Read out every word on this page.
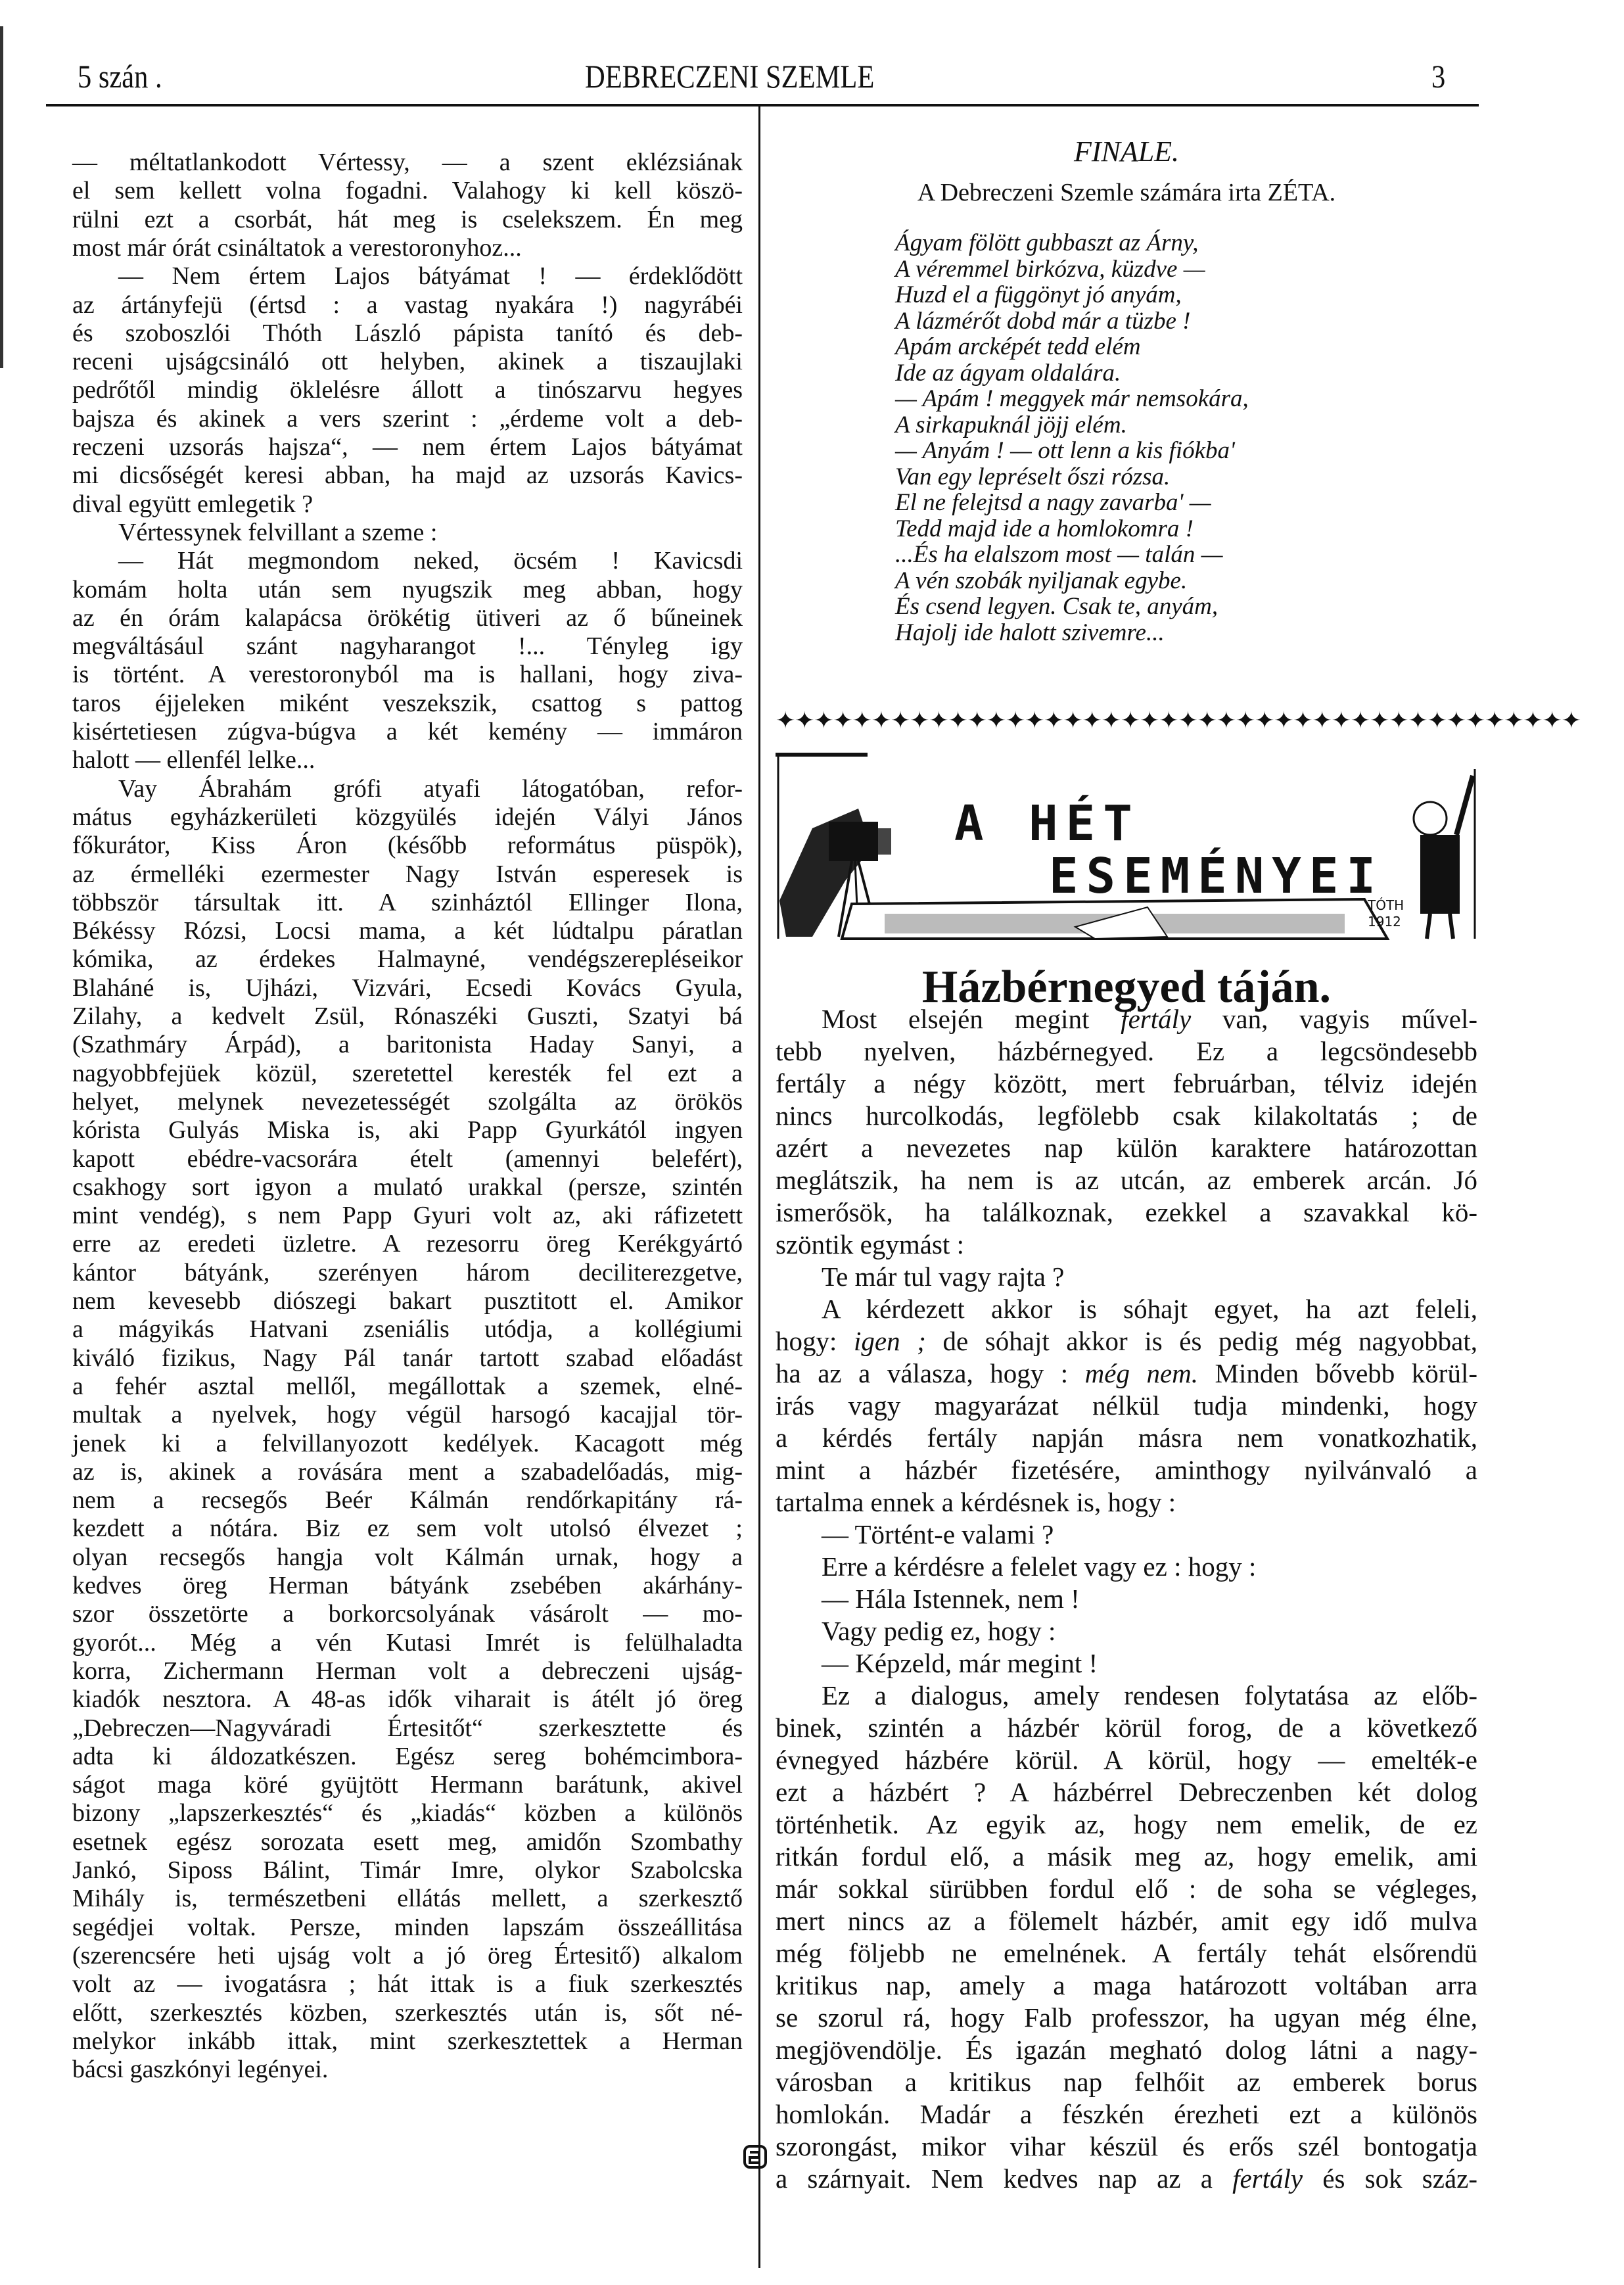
5 szán .	DEBRECZENI SZEMLE	3
— méltatlankodott Vértessy, — a szent eklézsiának
el sem kellett volna fogadni. Valahogy ki kell köszö-
rülni ezt a csorbát, hát meg is cselekszem. Én meg
most már órát csináltatok a verestoronyhoz...
— Nem értem Lajos bátyámat ! — érdeklődött
az ártányfejü (értsd : a vastag nyakára !) nagyrábéi
és szoboszlói Thóth László pápista tanító és deb-
receni ujságcsináló ott helyben, akinek a tiszaujlaki
pedrőtől mindig öklelésre állott a tinószarvu hegyes
bajsza és akinek a vers szerint : „érdeme volt a deb-
reczeni uzsorás hajsza“, — nem értem Lajos bátyámat
mi dicsőségét keresi abban, ha majd az uzsorás Kavics-
dival együtt emlegetik ?
Vértessynek felvillant a szeme :
— Hát megmondom neked, öcsém ! Kavicsdi
komám holta után sem nyugszik meg abban, hogy
az én órám kalapácsa örökétig ütiveri az ő bűneinek
megváltásául szánt nagyharangot !... Tényleg igy
is történt. A verestoronyból ma is hallani, hogy ziva-
taros éjjeleken miként veszekszik, csattog s pattog
kisértetiesen zúgva-búgva a két kemény — immáron
halott — ellenfél lelke...
Vay Ábrahám grófi atyafi látogatóban, refor-
mátus egyházkerületi közgyülés idején Vályi János
főkurátor, Kiss Áron (később református püspök),
az érmelléki ezermester Nagy István esperesek is
többször társultak itt. A szinháztól Ellinger Ilona,
Békéssy Rózsi, Locsi mama, a két lúdtalpu páratlan
kómika, az érdekes Halmayné, vendégszerepléseikor
Blaháné is, Ujházi, Vizvári, Ecsedi Kovács Gyula,
Zilahy, a kedvelt Zsül, Rónaszéki Guszti, Szatyi bá
(Szathmáry Árpád), a baritonista Haday Sanyi, a
nagyobbfejüek közül, szeretettel keresték fel ezt a
helyet, melynek nevezetességét szolgálta az örökös
kórista Gulyás Miska is, aki Papp Gyurkától ingyen
kapott ebédre-vacsorára ételt (amennyi belefért),
csakhogy sort igyon a mulató urakkal (persze, szintén
mint vendég), s nem Papp Gyuri volt az, aki ráfizetett
erre az eredeti üzletre. A rezesorru öreg Kerékgyártó
kántor bátyánk, szerényen három deciliterezgetve,
nem kevesebb diószegi bakart pusztitott el. Amikor
a mágyikás Hatvani zseniális utódja, a kollégiumi
kiváló fizikus, Nagy Pál tanár tartott szabad előadást
a fehér asztal mellől, megállottak a szemek, elné-
multak a nyelvek, hogy végül harsogó kacajjal tör-
jenek ki a felvillanyozott kedélyek. Kacagott még
az is, akinek a rovására ment a szabadelőadás, mig-
nem a recsegős Beér Kálmán rendőrkapitány rá-
kezdett a nótára. Biz ez sem volt utolsó élvezet ;
olyan recsegős hangja volt Kálmán urnak, hogy a
kedves öreg Herman bátyánk zsebében akárhány-
szor összetörte a borkorcsolyának vásárolt — mo-
gyorót... Még a vén Kutasi Imrét is felülhaladta
korra, Zichermann Herman volt a debreczeni ujság-
kiadók nesztora. A 48-as idők viharait is átélt jó öreg
„Debreczen—Nagyváradi Értesitőt“ szerkesztette és
adta ki áldozatkészen. Egész sereg bohémcimbora-
ságot maga köré gyüjtött Hermann barátunk, akivel
bizony „lapszerkesztés“ és „kiadás“ közben a különös
esetnek egész sorozata esett meg, amidőn Szombathy
Jankó, Siposs Bálint, Timár Imre, olykor Szabolcska
Mihály is, természetbeni ellátás mellett, a szerkesztő
segédjei voltak. Persze, minden lapszám összeállitása
(szerencsére heti ujság volt a jó öreg Értesitő) alkalom
volt az — ivogatásra ; hát ittak is a fiuk szerkesztés
előtt, szerkesztés közben, szerkesztés után is, sőt né-
melykor inkább ittak, mint szerkesztettek a Herman
bácsi gaszkónyi legényei.
FINALE.
A Debreczeni Szemle számára irta ZÉTA.
Ágyam fölött gubbaszt az Árny,
A véremmel birkózva, küzdve —
Huzd el a függönyt jó anyám,
A lázmérőt dobd már a tüzbe !
Apám arcképét tedd elém
Ide az ágyam oldalára.
— Apám ! meggyek már nemsokára,
A sirkapuknál jöjj elém.
— Anyám ! — ott lenn a kis fiókba'
Van egy lepréselt őszi rózsa.
El ne felejtsd a nagy zavarba' —
Tedd majd ide a homlokomra !
...És ha elalszom most — talán —
A vén szobák nyiljanak egybe.
És csend legyen. Csak te, anyám,
Hajolj ide halott szivemre...
✦✦✦✦✦✦✦✦✦✦✦✦✦✦✦✦✦✦✦✦✦✦✦✦✦✦✦✦✦✦✦✦✦✦✦✦✦✦✦✦✦✦
A HÉT
ESEMÉNYEI
TÓTH
1912
Házbérnegyed táján.
Most elsején megint fertály van, vagyis művel-
tebb nyelven, házbérnegyed. Ez a legcsöndesebb
fertály a négy között, mert februárban, télviz idején
nincs hurcolkodás, legfölebb csak kilakoltatás ; de
azért a nevezetes nap külön karaktere határozottan
meglátszik, ha nem is az utcán, az emberek arcán. Jó
ismerősök, ha találkoznak, ezekkel a szavakkal kö-
szöntik egymást :
Te már tul vagy rajta ?
A kérdezett akkor is sóhajt egyet, ha azt feleli,
hogy: igen ; de sóhajt akkor is és pedig még nagyobbat,
ha az a válasza, hogy : még nem. Minden bővebb körül-
irás vagy magyarázat nélkül tudja mindenki, hogy
a kérdés fertály napján másra nem vonatkozhatik,
mint a házbér fizetésére, aminthogy nyilvánvaló a
tartalma ennek a kérdésnek is, hogy :
— Történt-e valami ?
Erre a kérdésre a felelet vagy ez : hogy :
— Hála Istennek, nem !
Vagy pedig ez, hogy :
— Képzeld, már megint !
Ez a dialogus, amely rendesen folytatása az előb-
binek, szintén a házbér körül forog, de a következő
évnegyed házbére körül. A körül, hogy — emelték-e
ezt a házbért ? A házbérrel Debreczenben két dolog
történhetik. Az egyik az, hogy nem emelik, de ez
ritkán fordul elő, a másik meg az, hogy emelik, ami
már sokkal sürübben fordul elő : de soha se végleges,
mert nincs az a fölemelt házbér, amit egy idő mulva
még följebb ne emelnének. A fertály tehát elsőrendü
kritikus nap, amely a maga határozott voltában arra
se szorul rá, hogy Falb professzor, ha ugyan még élne,
megjövendölje. És igazán megható dolog látni a nagy-
városban a kritikus nap felhőit az emberek borus
homlokán. Madár a fészkén érezheti ezt a különös
szorongást, mikor vihar készül és erős szél bontogatja
a szárnyait. Nem kedves nap az a fertály és sok száz-
